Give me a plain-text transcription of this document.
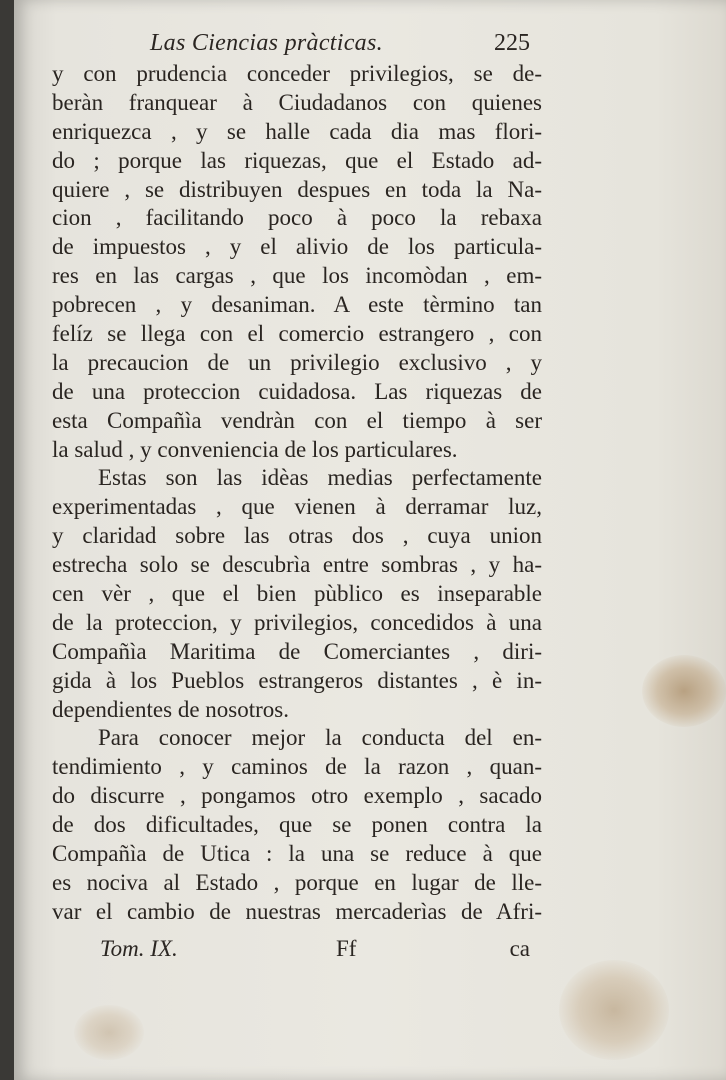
Las Ciencias pràcticas.	225

y con prudencia conceder privilegios, se de-
beràn franquear à Ciudadanos con quienes
enriquezca , y se halle cada dia mas flori-
do ; porque las riquezas, que el Estado ad-
quiere , se distribuyen despues en toda la Na-
cion , facilitando poco à poco la rebaxa
de impuestos , y el alivio de los particula-
res en las cargas , que los incomòdan , em-
pobrecen , y desaniman. A este tèrmino tan
felíz se llega con el comercio estrangero , con
la precaucion de un privilegio exclusivo , y
de una proteccion cuidadosa. Las riquezas de
esta Compañìa vendràn con el tiempo à ser
la salud , y conveniencia de los particulares.

Estas son las idèas medias perfectamente
experimentadas , que vienen à derramar luz,
y claridad sobre las otras dos , cuya union
estrecha solo se descubrìa entre sombras , y ha-
cen vèr , que el bien pùblico es inseparable
de la proteccion, y privilegios, concedidos à una
Compañìa Maritima de Comerciantes , diri-
gida à los Pueblos estrangeros distantes , è in-
dependientes de nosotros.

Para conocer mejor la conducta del en-
tendimiento , y caminos de la razon , quan-
do discurre , pongamos otro exemplo , sacado
de dos dificultades, que se ponen contra la
Compañìa de Utica : la una se reduce à que
es nociva al Estado , porque en lugar de lle-
var el cambio de nuestras mercaderìas de Afri-

Tom. IX.	Ff	ca
